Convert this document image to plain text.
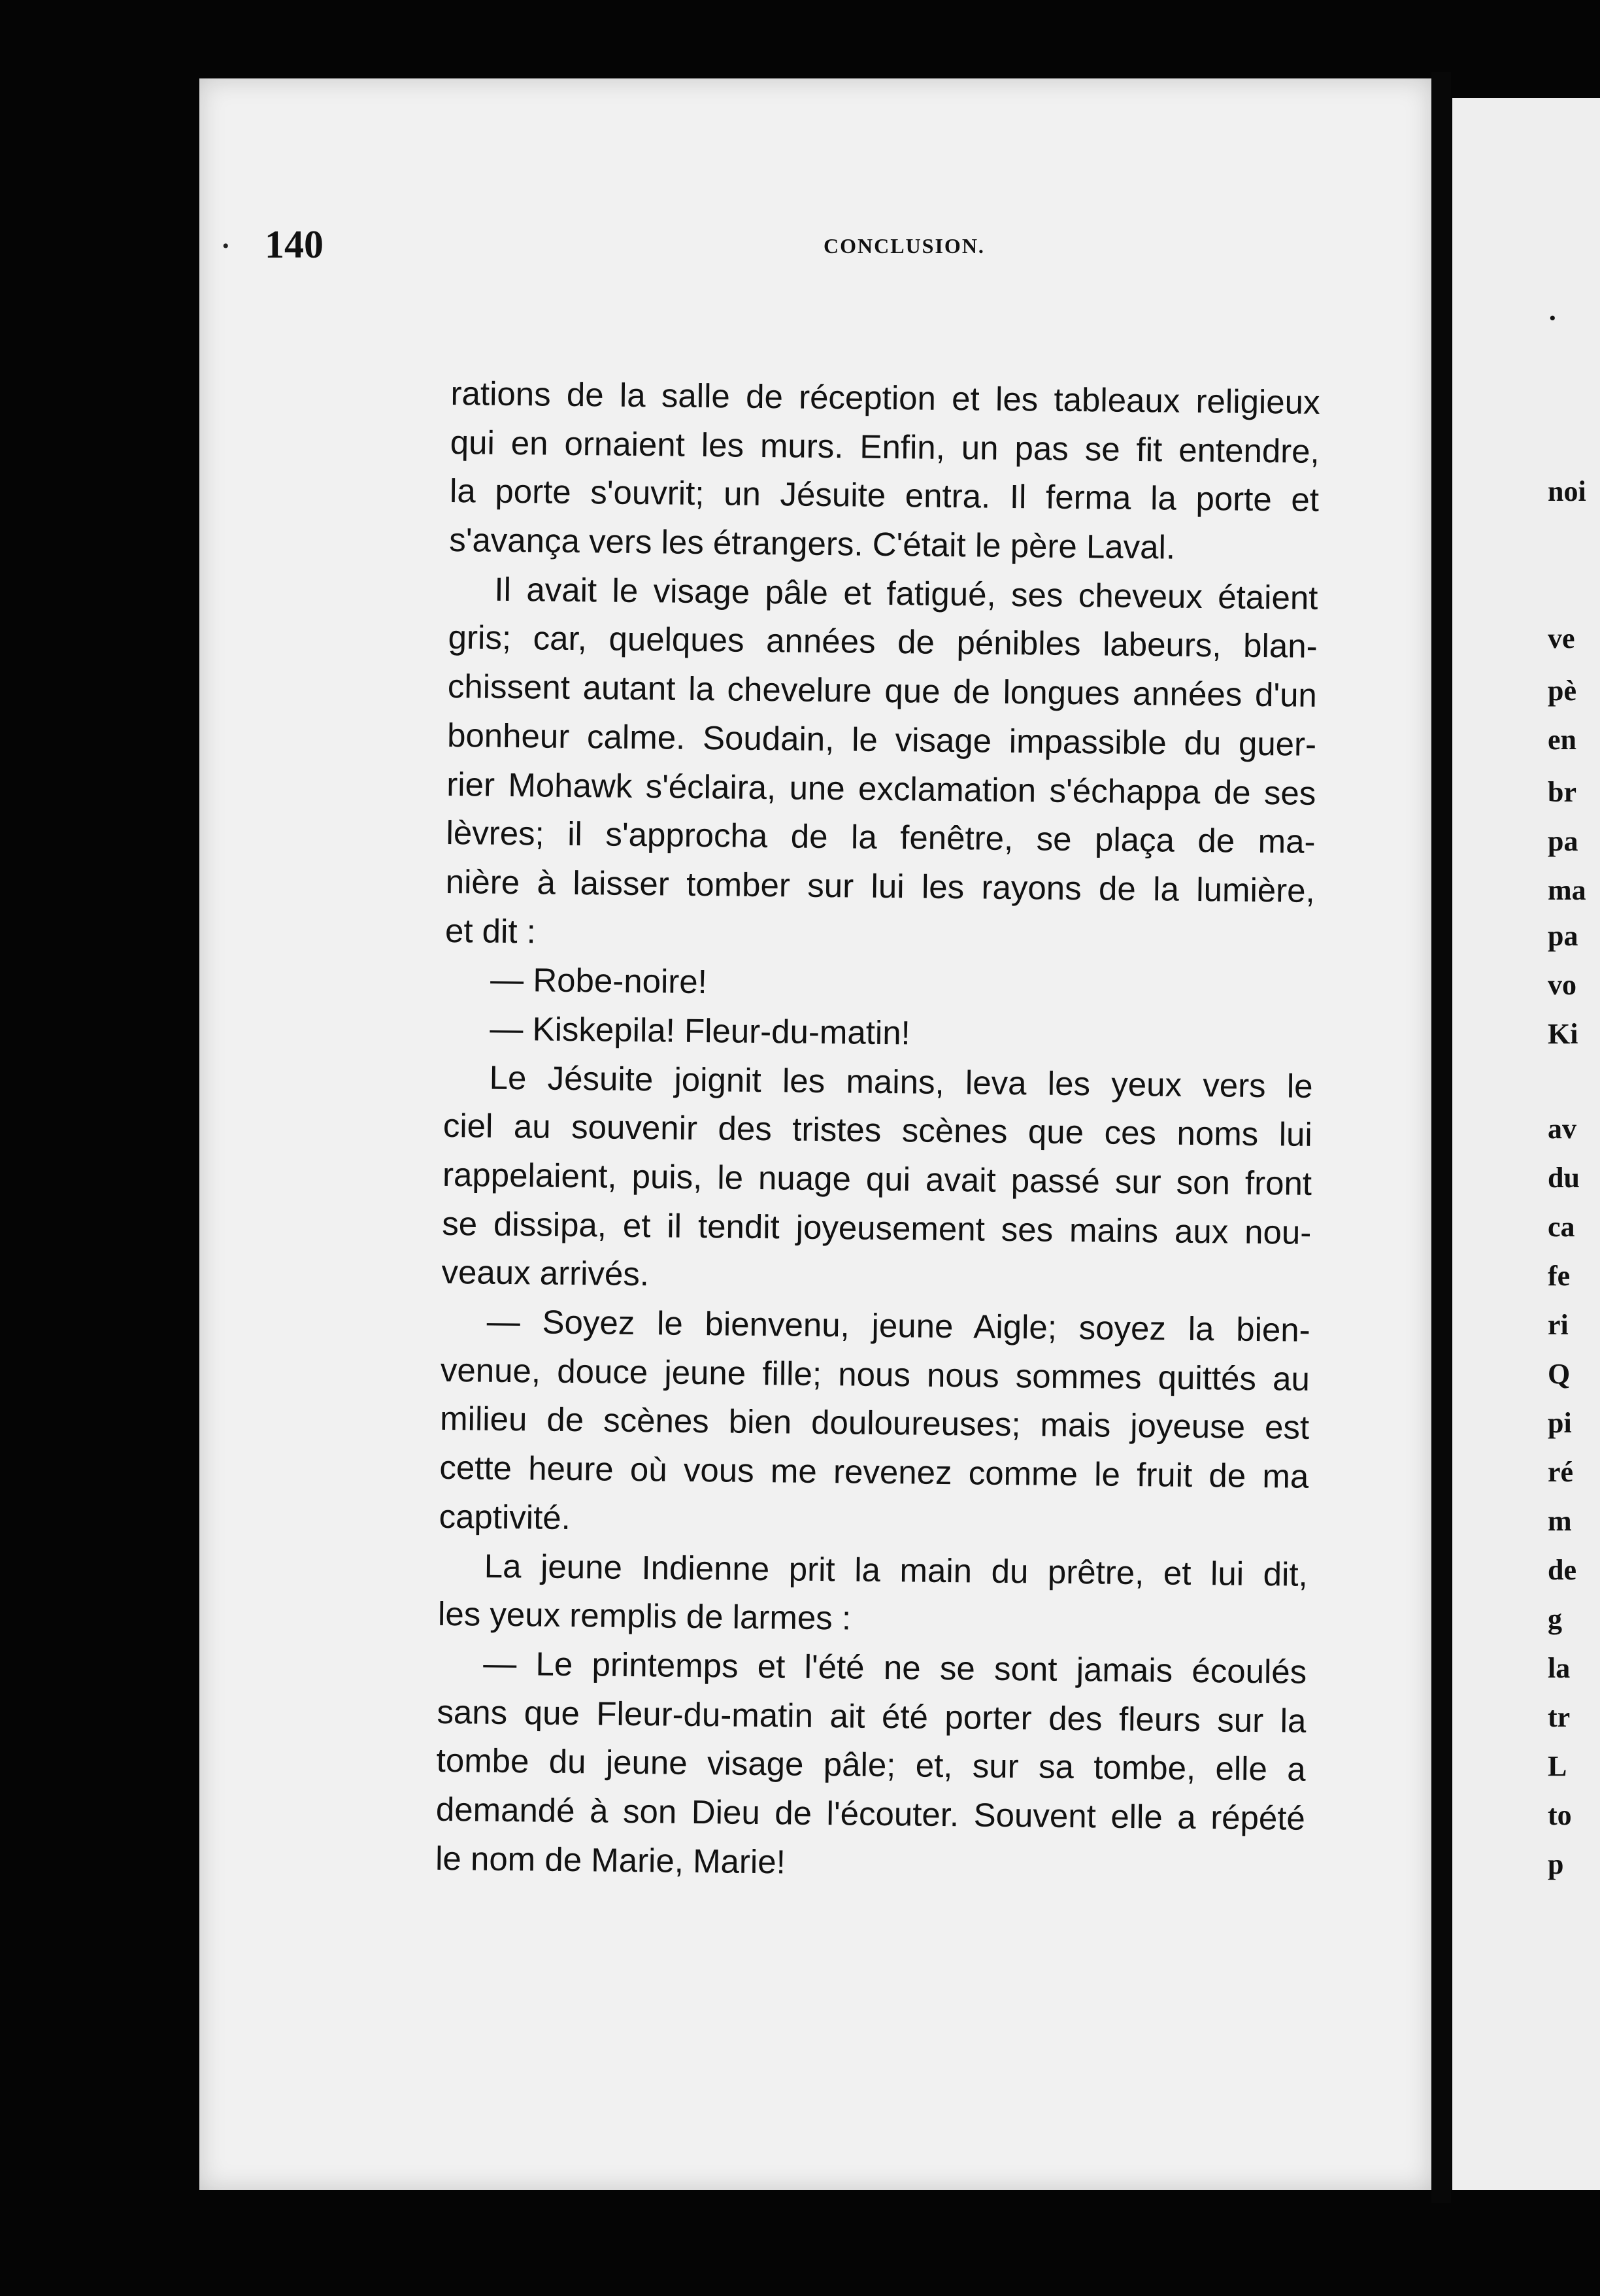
• 140	CONCLUSION.
rations de la salle de réception et les tableaux religieux
qui en ornaient les murs. Enfin, un pas se fit entendre,
la porte s'ouvrit; un Jésuite entra. Il ferma la porte et
s'avança vers les étrangers. C'était le père Laval.
Il avait le visage pâle et fatigué, ses cheveux étaient
gris; car, quelques années de pénibles labeurs, blan-
chissent autant la chevelure que de longues années d'un
bonheur calme. Soudain, le visage impassible du guer-
rier Mohawk s'éclaira, une exclamation s'échappa de ses
lèvres; il s'approcha de la fenêtre, se plaça de ma-
nière à laisser tomber sur lui les rayons de la lumière,
et dit :
— Robe-noire!
— Kiskepila! Fleur-du-matin!
Le Jésuite joignit les mains, leva les yeux vers le
ciel au souvenir des tristes scènes que ces noms lui
rappelaient, puis, le nuage qui avait passé sur son front
se dissipa, et il tendit joyeusement ses mains aux nou-
veaux arrivés.
— Soyez le bienvenu, jeune Aigle; soyez la bien-
venue, douce jeune fille; nous nous sommes quittés au
milieu de scènes bien douloureuses; mais joyeuse est
cette heure où vous me revenez comme le fruit de ma
captivité.
La jeune Indienne prit la main du prêtre, et lui dit,
les yeux remplis de larmes :
— Le printemps et l'été ne se sont jamais écoulés
sans que Fleur-du-matin ait été porter des fleurs sur la
tombe du jeune visage pâle; et, sur sa tombe, elle a
demandé à son Dieu de l'écouter. Souvent elle a répété
le nom de Marie, Marie!
·
noi
ve
pè
en
br
pa
ma
pa
vo
Ki
av
du
ca
fe
ri
Q
pi
ré
m
de
g
la
tr
L
to
p
